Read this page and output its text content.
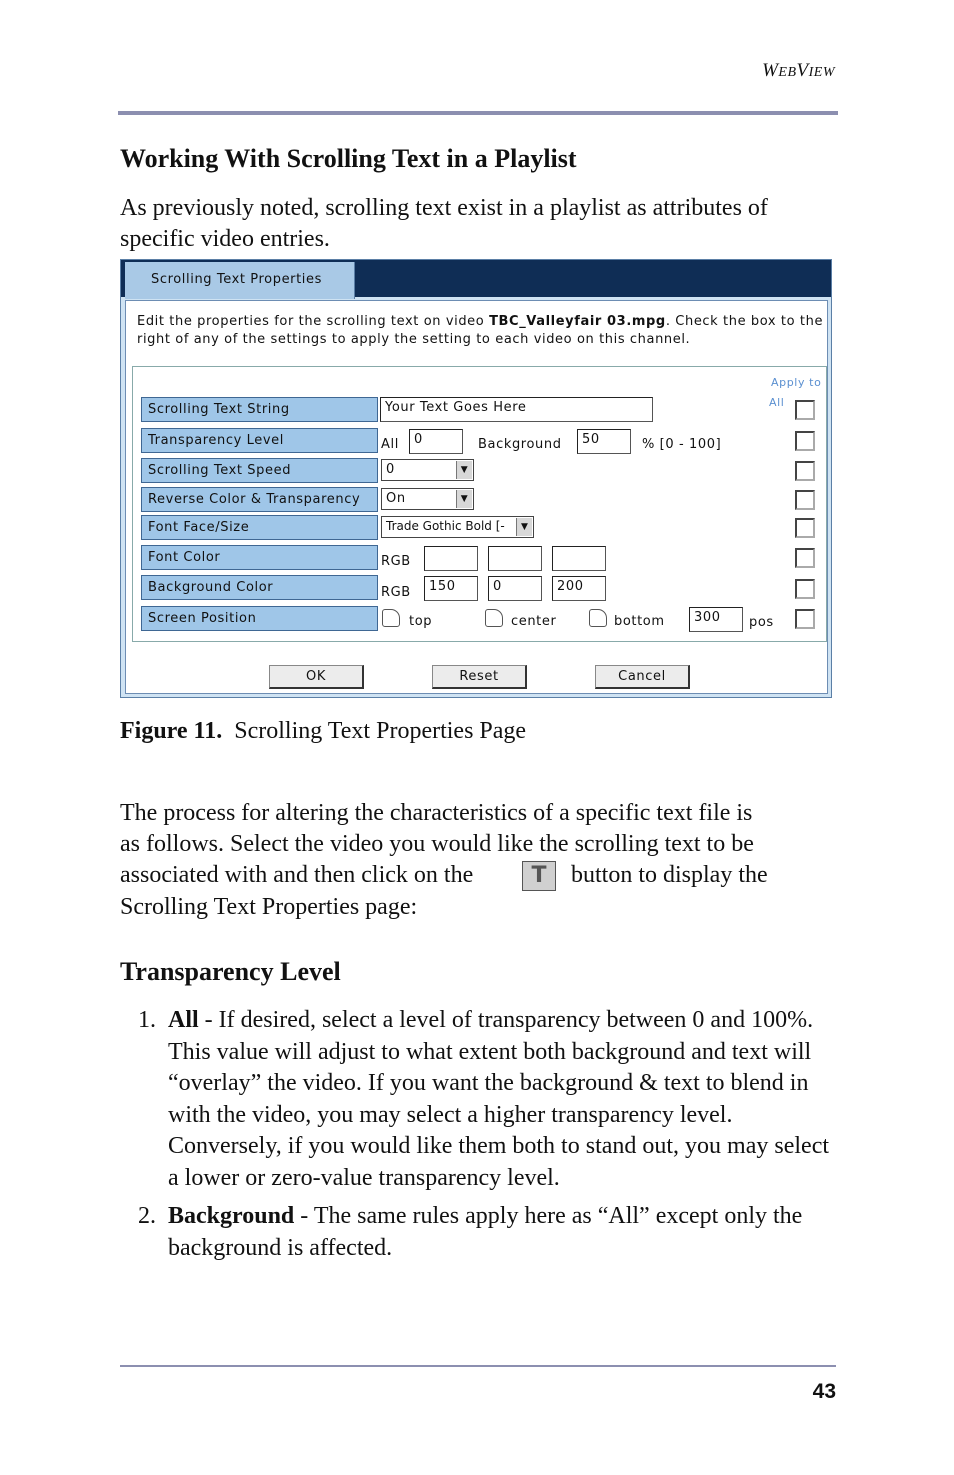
WEBVIEW
Working With Scrolling Text in a Playlist
As previously noted, scrolling text exist in a playlist as attributes of specific video entries.
Scrolling Text Properties
Edit the properties for the scrolling text on video TBC_Valleyfair 03.mpg. Check the box to the right of any of the settings to apply the setting to each video on this channel.
Apply to
All
Scrolling Text String	Your Text Goes Here
Transparency Level	All	0	Background	50	% [0 - 100]
Scrolling Text Speed	0	▼
Reverse Color & Transparency	On	▼
Font Face/Size	Trade Gothic Bold [-	▼
Font Color	RGB
Background Color	RGB	150	0	200
Screen Position	top	center	bottom	300	pos
OK	Reset	Cancel
Figure 11. Scrolling Text Properties Page
The process for altering the characteristics of a specific text file is
as follows. Select the video you would like the scrolling text to be
associated with and then click on the	T	button to display the
Scrolling Text Properties page:
Transparency Level
1. All - If desired, select a level of transparency between 0 and 100%. This value will adjust to what extent both background and text will “overlay” the video. If you want the background & text to blend in with the video, you may select a higher transparency level. Conversely, if you would like them both to stand out, you may select a lower or zero-value transparency level.
2. Background - The same rules apply here as “All” except only the background is affected.
43
